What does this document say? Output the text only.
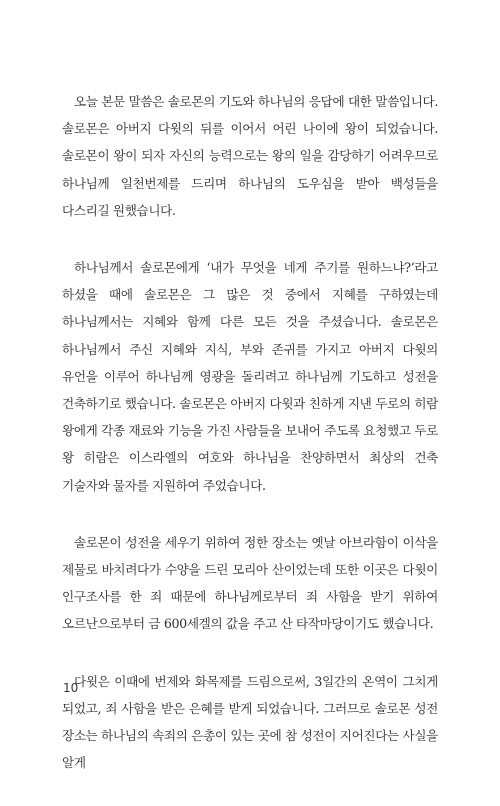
오늘 본문 말씀은 솔로몬의 기도와 하나님의 응답에 대한 말씀입니다. 솔로몬은 아버지 다윗의 뒤를 이어서 어린 나이에 왕이 되었습니다. 솔로몬이 왕이 되자 자신의 능력으로는 왕의 일을 감당하기 어려우므로 하나님께 일천번제를 드리며 하나님의 도우심을 받아 백성들을 다스리길 원했습니다.

하나님께서 솔로몬에게 ‘내가 무엇을 네게 주기를 원하느냐?’라고 하셨을 때에 솔로몬은 그 많은 것 중에서 지혜를 구하였는데 하나님께서는 지혜와 함께 다른 모든 것을 주셨습니다. 솔로몬은 하나님께서 주신 지혜와 지식, 부와 존귀를 가지고 아버지 다윗의 유언을 이루어 하나님께 영광을 돌리려고 하나님께 기도하고 성전을 건축하기로 했습니다. 솔로몬은 아버지 다윗과 친하게 지낸 두로의 히람 왕에게 각종 재료와 기능을 가진 사람들을 보내어 주도록 요청했고 두로 왕 히람은 이스라엘의 여호와 하나님을 찬양하면서 최상의 건축 기술자와 물자를 지원하여 주었습니다.

솔로몬이 성전을 세우기 위하여 정한 장소는 옛날 아브라함이 이삭을 제물로 바치려다가 수양을 드린 모리아 산이었는데 또한 이곳은 다윗이 인구조사를 한 죄 때문에 하나님께로부터 죄 사함을 받기 위하여 오르난으로부터 금 600세겔의 값을 주고 산 타작마당이기도 했습니다.

다윗은 이때에 번제와 화목제를 드림으로써, 3일간의 온역이 그치게 되었고, 죄 사함을 받은 은혜를 받게 되었습니다. 그러므로 솔로몬 성전 장소는 하나님의 속죄의 은총이 있는 곳에 참 성전이 지어진다는 사실을 알게

10
